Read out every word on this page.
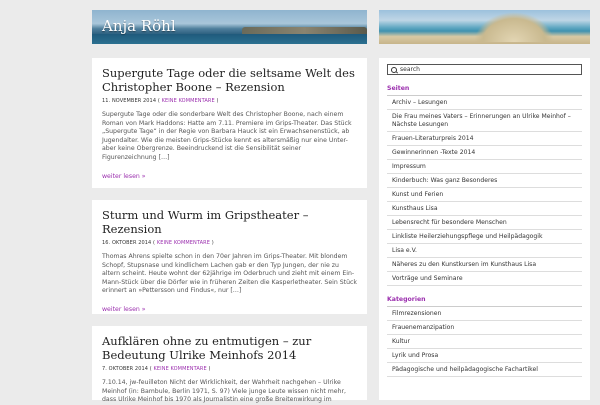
Anja Röhl
Supergute Tage oder die seltsame Welt des Christopher Boone – Rezension
11. NOVEMBER 2014 ( KEINE KOMMENTARE )
Supergute Tage oder die sonderbare Welt des Christopher Boone, nach einem Roman von Mark Haddons: Hatte am 7.11. Premiere im Grips-Theater. Das Stück „Supergute Tage“ in der Regie von Barbara Hauck ist ein Erwachsenenstück, ab Jugendalter. Wie die meisten Grips-Stücke kennt es altersmäßig nur eine Unter- aber keine Obergrenze. Beeindruckend ist die Sensibilität seiner Figurenzeichnung […]
weiter lesen »
Sturm und Wurm im Gripstheater – Rezension
16. OKTOBER 2014 ( KEINE KOMMENTARE )
Thomas Ahrens spielte schon in den 70er Jahren im Grips-Theater. Mit blondem Schopf, Stupsnase und kindlichem Lachen gab er den Typ Jungen, der nie zu altern scheint. Heute wohnt der 62jährige im Oderbruch und zieht mit einem Ein-Mann-Stück über die Dörfer wie in früheren Zeiten die Kasperletheater. Sein Stück erinnert an »Pettersson und Findus«, nur […]
weiter lesen »
Aufklären ohne zu entmutigen – zur Bedeutung Ulrike Meinhofs 2014
7. OKTOBER 2014 ( KEINE KOMMENTARE )
7.10.14, jw-feuilleton Nicht der Wirklichkeit, der Wahrheit nachgehen – Ulrike Meinhof (in: Bambule, Berlin 1971, S. 97) Viele junge Leute wissen nicht mehr, dass Ulrike Meinhof bis 1970 als Journalistin eine große Breitenwirkung im
search
Seiten
Archiv – Lesungen
Die Frau meines Vaters – Erinnerungen an Ulrike Meinhof – Nächste Lesungen
Frauen-Literaturpreis 2014
Gewinnerinnen -Texte 2014
Impressum
Kinderbuch: Was ganz Besonderes
Kunst und Ferien
Kunsthaus Lisa
Lebensrecht für besondere Menschen
Linkliste Heilerziehungspflege und Heilpädagogik
Lisa e.V.
Näheres zu den Kunstkursen im Kunsthaus Lisa
Vorträge und Seminare
Kategorien
Filmrezensionen
Frauenemanzipation
Kultur
Lyrik und Prosa
Pädagogische und heilpädagogische Fachartikel
